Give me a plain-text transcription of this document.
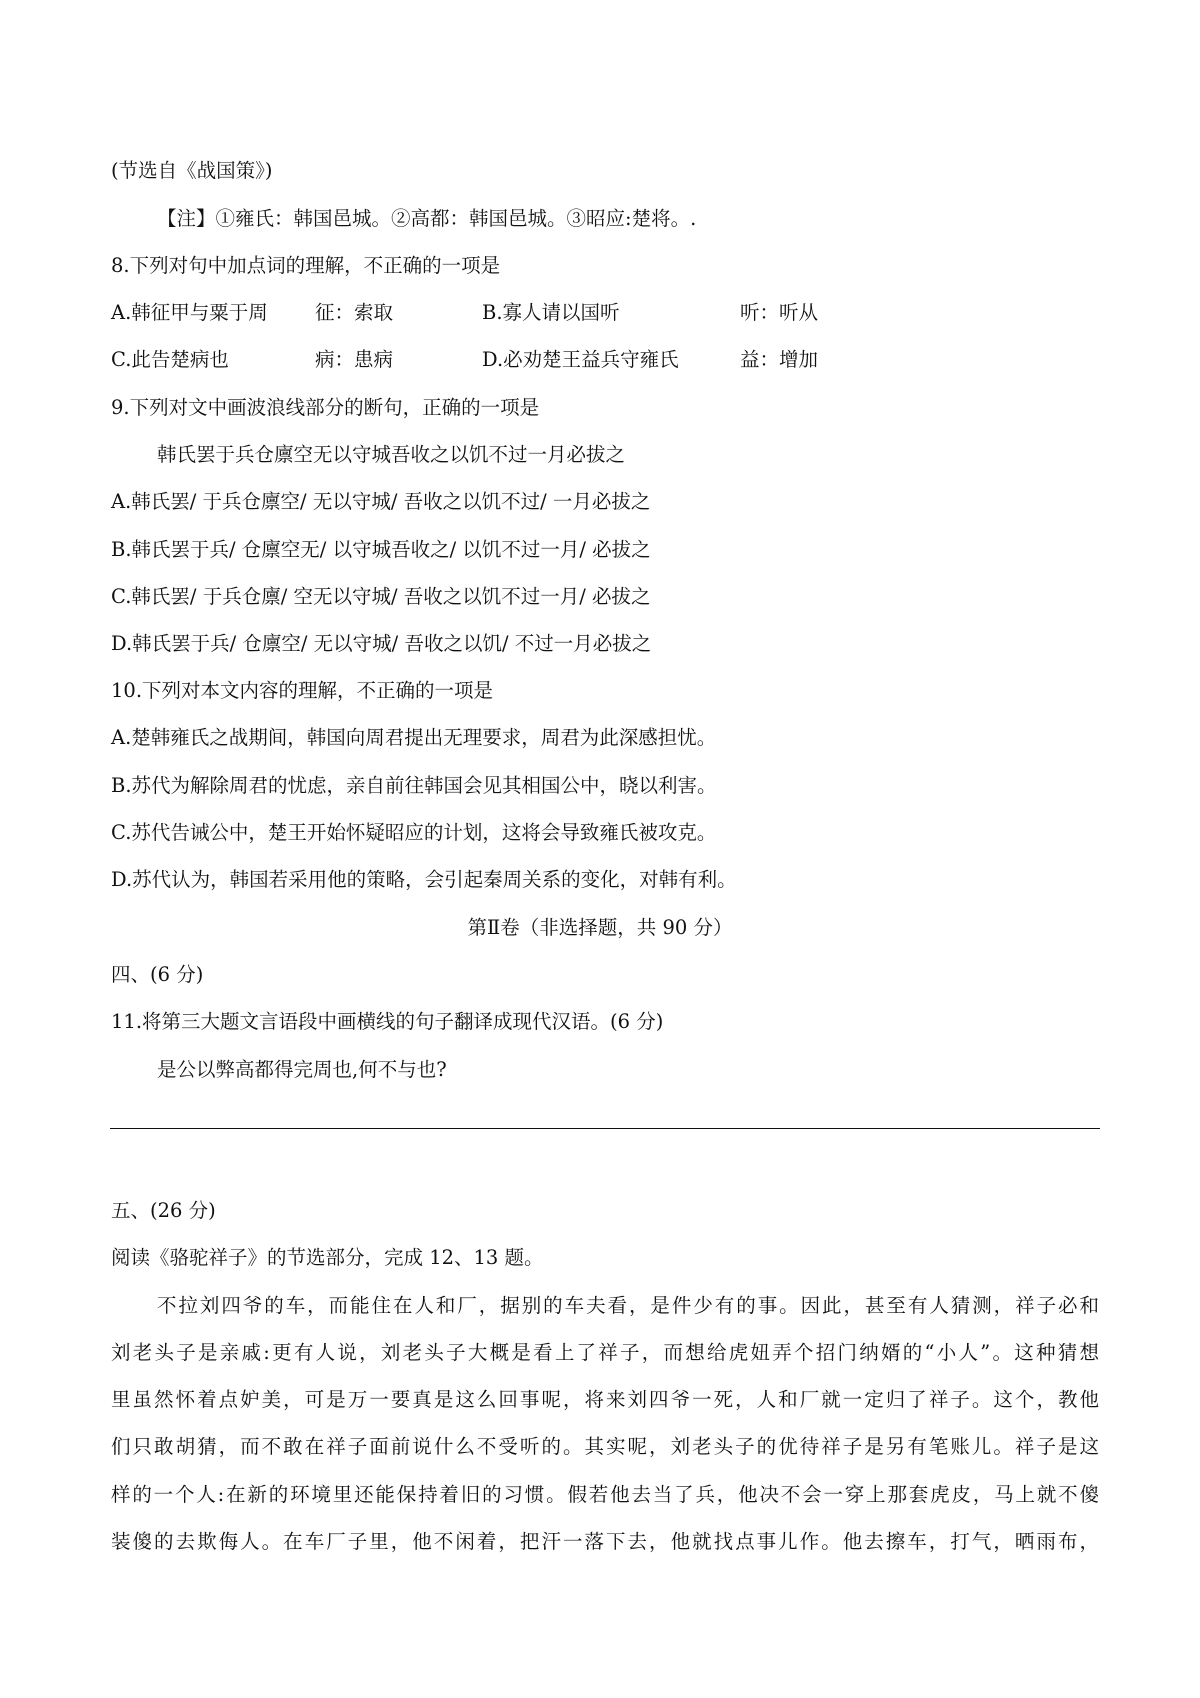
(节选自《战国策》)
【注】①雍氏：韩国邑城。②高都：韩国邑城。③昭应:楚将。.
8.下列对句中加点词的理解，不正确的一项是
A.韩征甲与粟于周 征：索取	B.寡人请以国听	听：听从
C.此告楚病也	病：患病	D.必劝楚王益兵守雍氏	益：增加
9.下列对文中画波浪线部分的断句，正确的一项是
韩氏罢于兵仓廪空无以守城吾收之以饥不过一月必拔之
A.韩氏罢/ 于兵仓廪空/ 无以守城/ 吾收之以饥不过/ 一月必拔之
B.韩氏罢于兵/ 仓廪空无/ 以守城吾收之/ 以饥不过一月/ 必拔之
C.韩氏罢/ 于兵仓廪/ 空无以守城/ 吾收之以饥不过一月/ 必拔之
D.韩氏罢于兵/ 仓廪空/ 无以守城/ 吾收之以饥/ 不过一月必拔之
10.下列对本文内容的理解，不正确的一项是
A.楚韩雍氏之战期间，韩国向周君提出无理要求，周君为此深感担忧。
B.苏代为解除周君的忧虑，亲自前往韩国会见其相国公中，晓以利害。
C.苏代告诫公中，楚王开始怀疑昭应的计划，这将会导致雍氏被攻克。
D.苏代认为，韩国若采用他的策略，会引起秦周关系的变化，对韩有利。
第Ⅱ卷（非选择题，共 90 分）
四、(6 分)
11.将第三大题文言语段中画横线的句子翻译成现代汉语。(6 分)
是公以弊高都得完周也,何不与也?
五、(26 分)
阅读《骆驼祥子》的节选部分，完成 12、13 题。
不拉刘四爷的车，而能住在人和厂，据别的车夫看，是件少有的事。因此，甚至有人猜测，祥子必和
刘老头子是亲戚:更有人说，刘老头子大概是看上了祥子，而想给虎妞弄个招门纳婿的“小人”。这种猜想
里虽然怀着点妒美，可是万一要真是这么回事呢，将来刘四爷一死，人和厂就一定归了祥子。这个，教他
们只敢胡猜，而不敢在祥子面前说什么不受听的。其实呢，刘老头子的优待祥子是另有笔账儿。祥子是这
样的一个人:在新的环境里还能保持着旧的习惯。假若他去当了兵，他决不会一穿上那套虎皮，马上就不傻
装傻的去欺侮人。在车厂子里，他不闲着，把汗一落下去，他就找点事儿作。他去擦车，打气，晒雨布，
